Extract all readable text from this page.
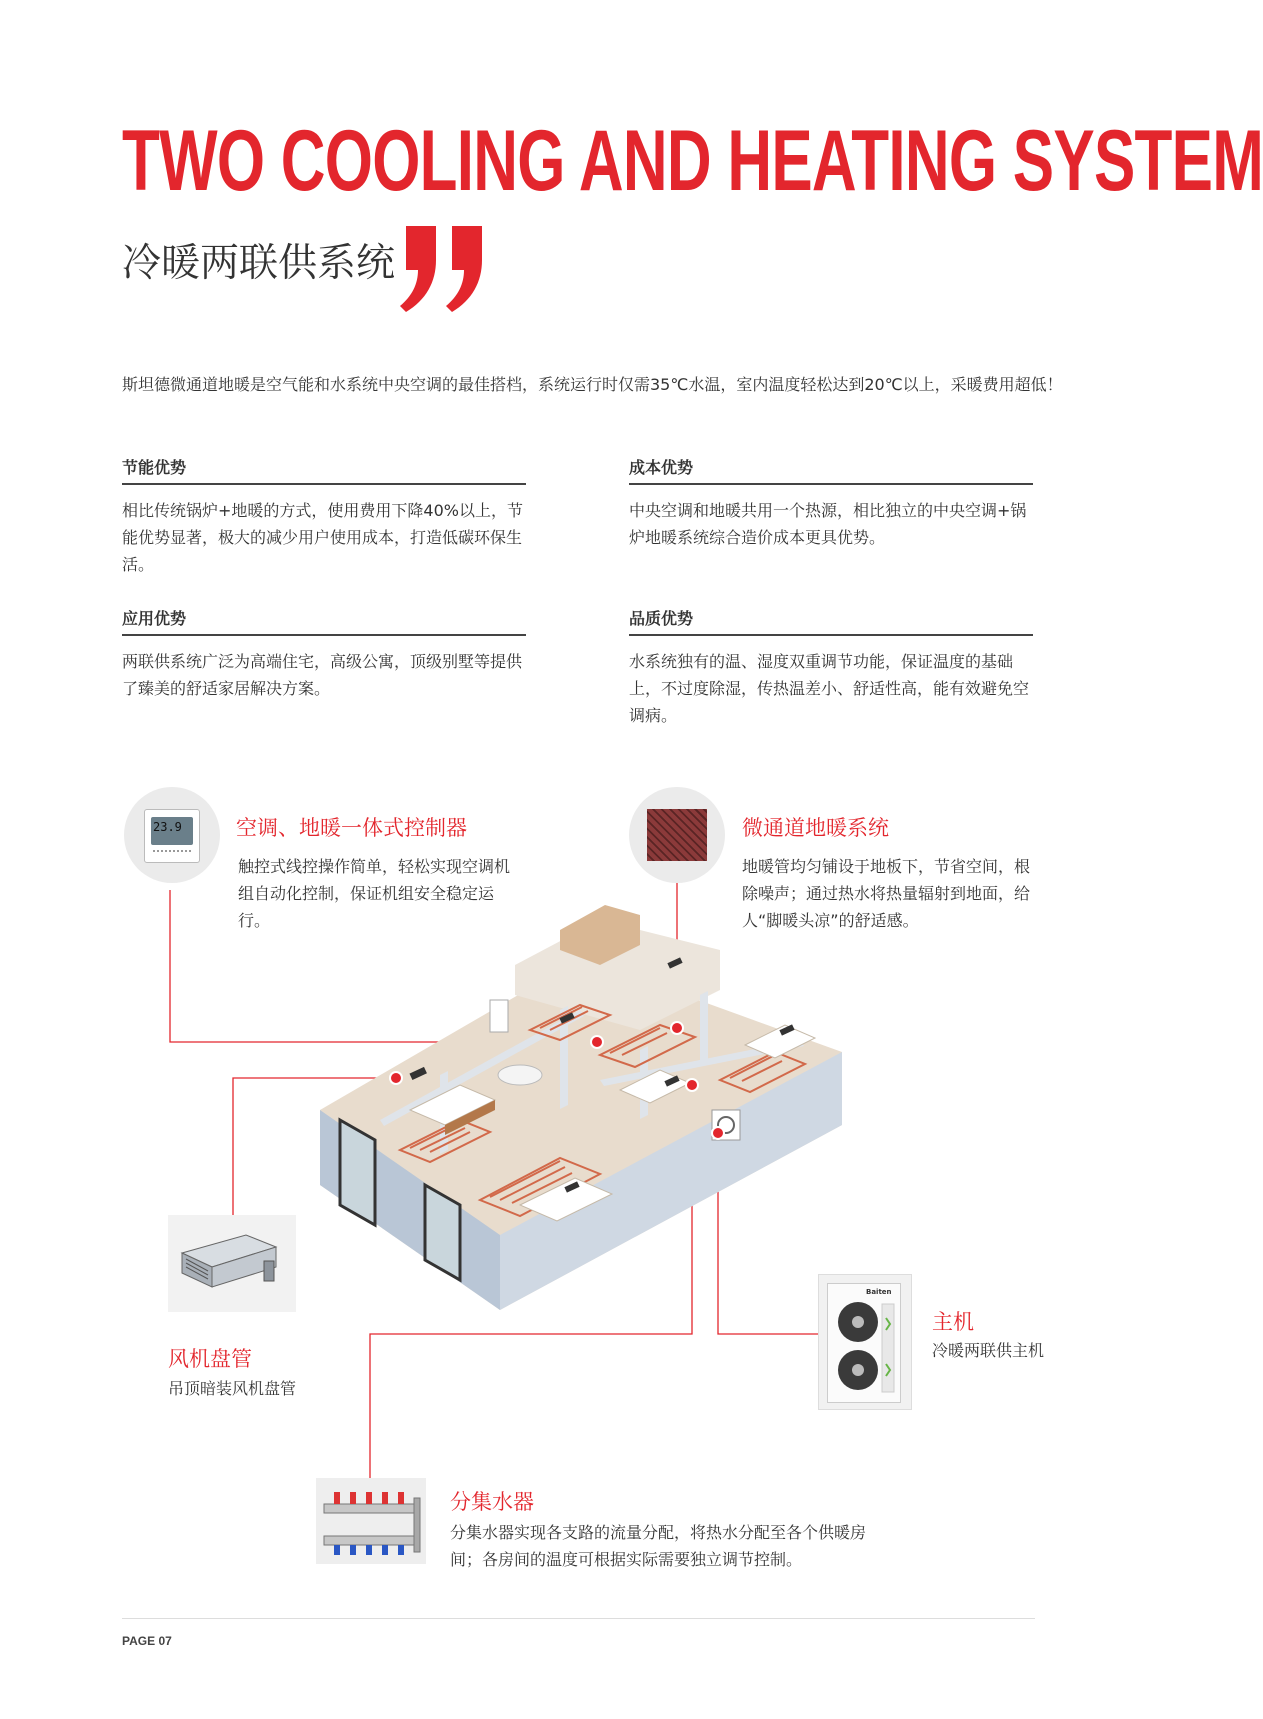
TWO COOLING AND HEATING SYSTEM
冷暖两联供系统
斯坦德微通道地暖是空气能和水系统中央空调的最佳搭档，系统运行时仅需35℃水温，室内温度轻松达到20℃以上，采暖费用超低！
节能优势
相比传统锅炉+地暖的方式，使用费用下降40%以上，节能优势显著，极大的减少用户使用成本，打造低碳环保生活。
成本优势
中央空调和地暖共用一个热源，相比独立的中央空调+锅炉地暖系统综合造价成本更具优势。
应用优势
两联供系统广泛为高端住宅，高级公寓，顶级别墅等提供了臻美的舒适家居解决方案。
品质优势
水系统独有的温、湿度双重调节功能，保证温度的基础上，不过度除湿，传热温差小、舒适性高，能有效避免空调病。
23.9	空调、地暖一体式控制器
触控式线控操作简单，轻松实现空调机组自动化控制，保证机组安全稳定运行。
微通道地暖系统
地暖管均匀铺设于地板下，节省空间，根除噪声；通过热水将热量辐射到地面，给人“脚暖头凉”的舒适感。
风机盘管
吊顶暗装风机盘管
Baiten
主机
冷暖两联供主机
分集水器
分集水器实现各支路的流量分配，将热水分配至各个供暖房间；各房间的温度可根据实际需要独立调节控制。
PAGE 07
